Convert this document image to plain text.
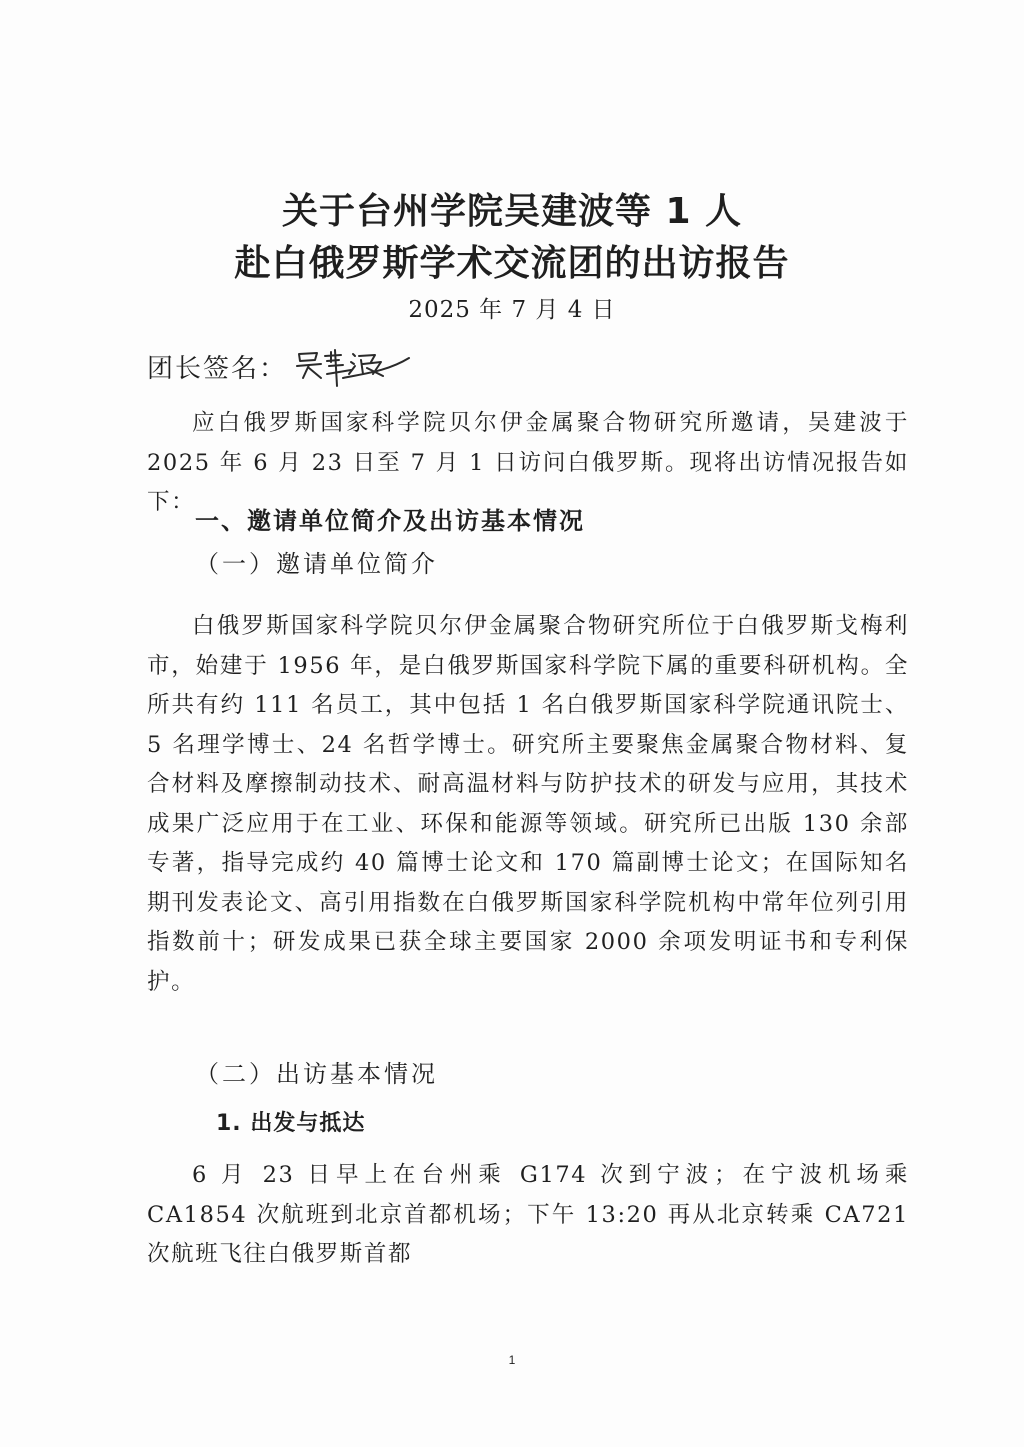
关于台州学院吴建波等 1 人
赴白俄罗斯学术交流团的出访报告
2025 年 7 月 4 日
团长签名：

应白俄罗斯国家科学院贝尔伊金属聚合物研究所邀请，吴建波于 2025 年 6 月 23 日至 7 月 1 日访问白俄罗斯。现将出访情况报告如下：

一、邀请单位简介及出访基本情况
（一）邀请单位简介

白俄罗斯国家科学院贝尔伊金属聚合物研究所位于白俄罗斯戈梅利市，始建于 1956 年，是白俄罗斯国家科学院下属的重要科研机构。全所共有约 111 名员工，其中包括 1 名白俄罗斯国家科学院通讯院士、5 名理学博士、24 名哲学博士。研究所主要聚焦金属聚合物材料、复合材料及摩擦制动技术、耐高温材料与防护技术的研发与应用，其技术成果广泛应用于在工业、环保和能源等领域。研究所已出版 130 余部专著，指导完成约 40 篇博士论文和 170 篇副博士论文；在国际知名期刊发表论文、高引用指数在白俄罗斯国家科学院机构中常年位列引用指数前十；研发成果已获全球主要国家 2000 余项发明证书和专利保护。

（二）出访基本情况
1. 出发与抵达

6 月 23 日早上在台州乘 G174 次到宁波；在宁波机场乘 CA1854 次航班到北京首都机场；下午 13:20 再从北京转乘 CA721 次航班飞往白俄罗斯首都

1
